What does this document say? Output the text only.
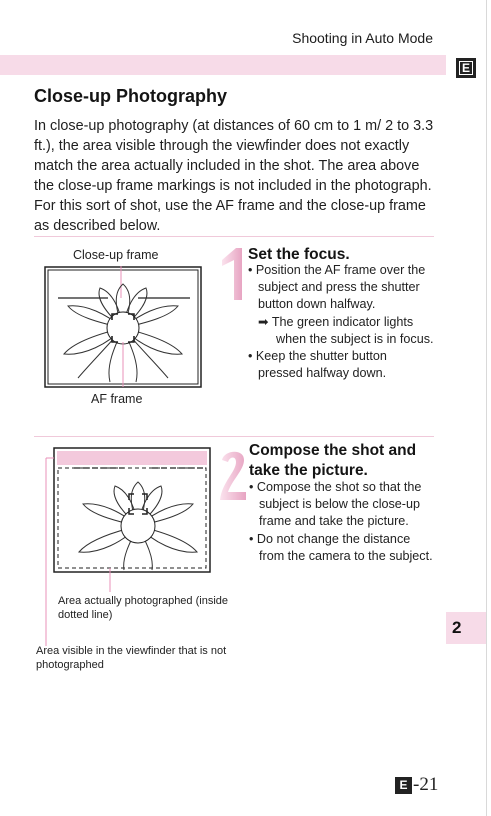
Shooting in Auto Mode
E
Close-up Photography

In close-up photography (at distances of 60 cm to 1 m/ 2 to 3.3 ft.), the area visible through the viewfinder does not exactly match the area actually included in the shot. The area above the close-up frame markings is not included in the photograph. For this sort of shot, use the AF frame and the close-up frame as described below.

Close-up frame
AF frame
Set the focus.
• Position the AF frame over the subject and press the shutter button down halfway.
➡ The green indicator lights when the subject is in focus.
• Keep the shutter button pressed halfway down.
Area actually photographed (inside dotted line)
Area visible in the viewfinder that is not photographed
Compose the shot and take the picture.
• Compose the shot so that the subject is below the close-up frame and take the picture.
• Do not change the distance from the camera to the subject.
2
E -21
